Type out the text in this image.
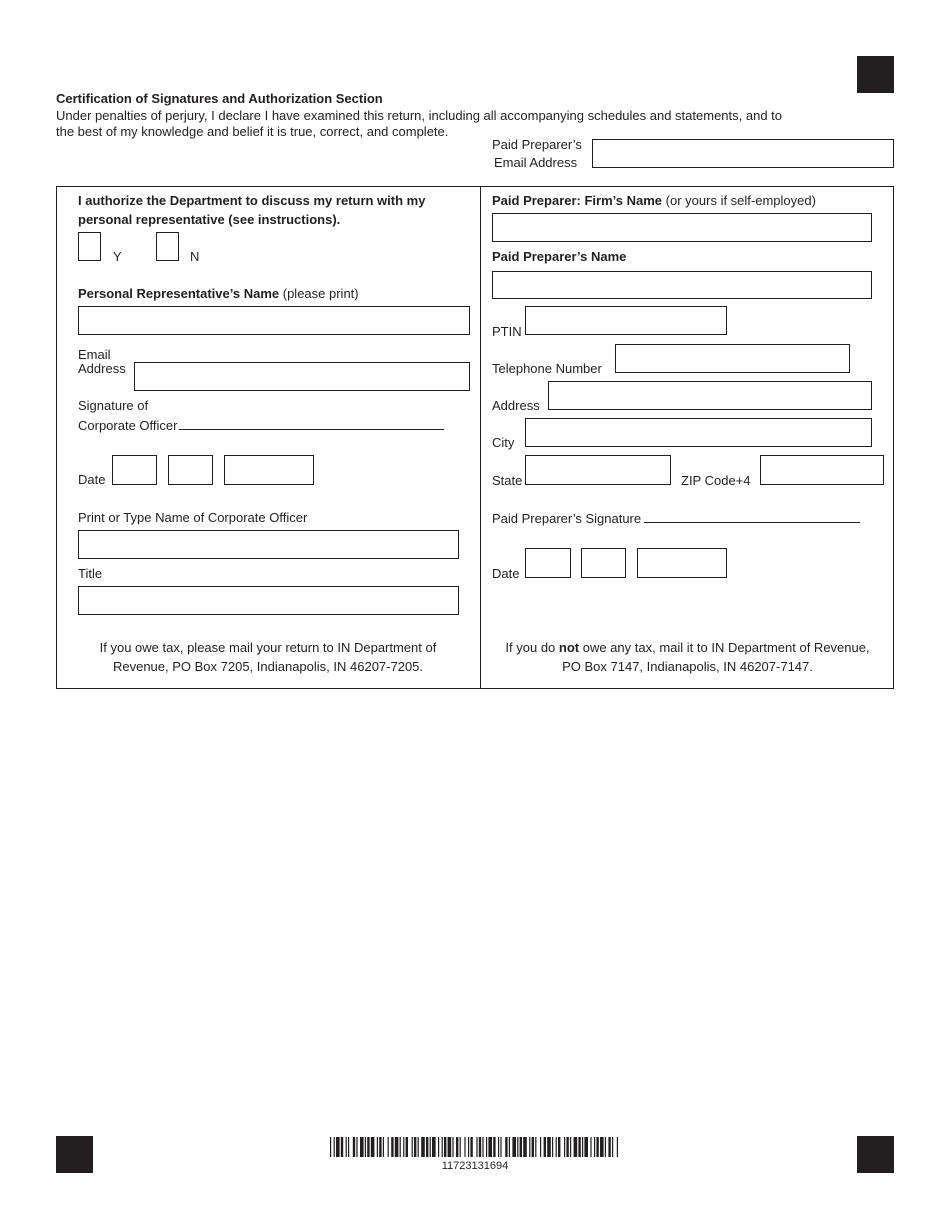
Certification of Signatures and Authorization Section
Under penalties of perjury, I declare I have examined this return, including all accompanying schedules and statements, and to
the best of my knowledge and belief it is true, correct, and complete.
Paid Preparer’s
Email Address
I authorize the Department to discuss my return with my
personal representative (see instructions).
Y	N
Personal Representative’s Name (please print)
Email
Address
Signature of
Corporate Officer
Date
Print or Type Name of Corporate Officer
Title
If you owe tax, please mail your return to IN Department of
Revenue, PO Box 7205, Indianapolis, IN 46207-7205.
Paid Preparer: Firm’s Name (or yours if self-employed)
Paid Preparer’s Name
PTIN
Telephone Number
Address
City
State	ZIP Code+4
Paid Preparer’s Signature
Date
If you do not owe any tax, mail it to IN Department of Revenue,
PO Box 7147, Indianapolis, IN 46207-7147.
11723131694
